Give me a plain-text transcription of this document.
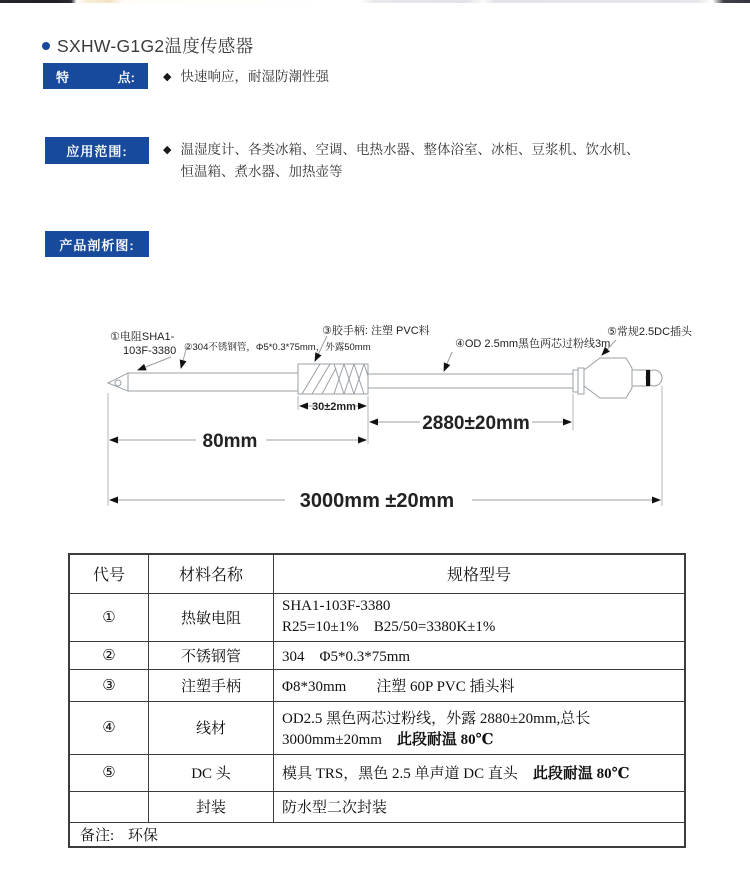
SXHW-G1G2温度传感器
特	点:	◆ 快速响应，耐湿防潮性强
应用范围:	◆ 温湿度计、各类冰箱、空调、电热水器、整体浴室、冰柜、豆浆机、饮水机、
恒温箱、煮水器、加热壶等
产品剖析图:
①电阻SHA1-
103F-3380 ②304不锈钢管，Φ5*0.3*75mm，外露50mm
③胶手柄: 注塑 PVC料
④OD 2.5mm黑色两芯过粉线3m
⑤常规2.5DC插头
30±2mm
2880±20mm
80mm
3000mm ±20mm
代号	材料名称	规格型号
①	热敏电阻	SHA1-103F-3380
R25=10±1%　B25/50=3380K±1%

②	不锈钢管	304　Φ5*0.3*75mm
③	注塑手柄	Φ8*30mm　　注塑 60P PVC 插头料
④	线材	OD2.5 黑色两芯过粉线，外露 2880±20mm,总长 3000mm±20mm　此段耐温 80℃
⑤	DC 头	模具 TRS，黑色 2.5 单声道 DC 直头　此段耐温 80℃
	封装	防水型二次封装
备注: 环保		
